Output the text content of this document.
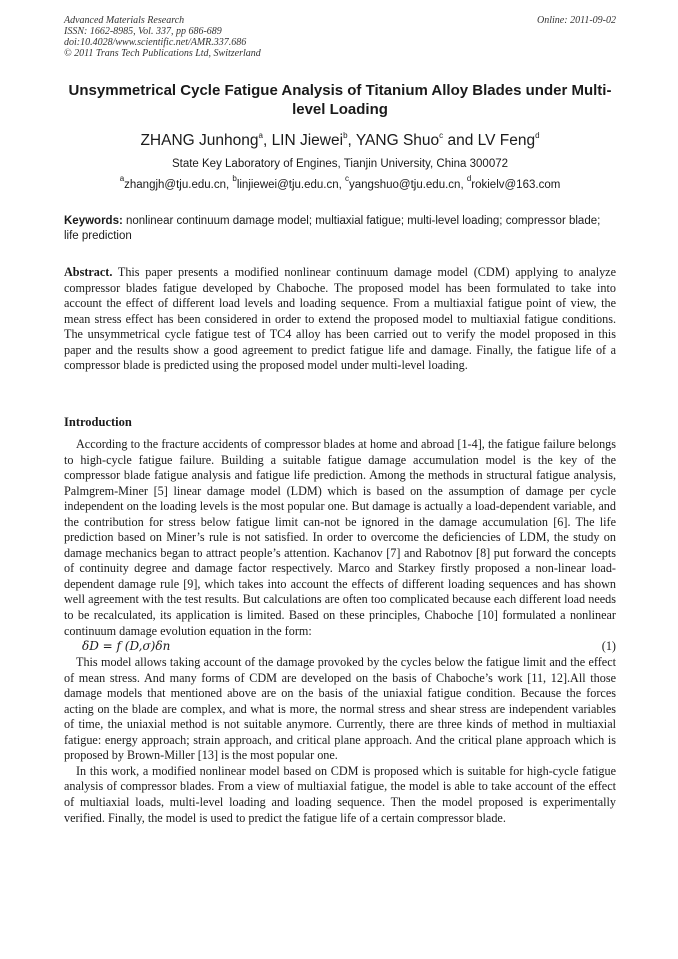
Advanced Materials Research
ISSN: 1662-8985, Vol. 337, pp 686-689
doi:10.4028/www.scientific.net/AMR.337.686
© 2011 Trans Tech Publications Ltd, Switzerland
Online: 2011-09-02
Unsymmetrical Cycle Fatigue Analysis of Titanium Alloy Blades under Multi-level Loading
ZHANG Junhong$^a$, LIN Jiewei$^b$, YANG Shuo$^c$ and LV Feng$^d$
State Key Laboratory of Engines, Tianjin University, China 300072
$^a$zhangjh@tju.edu.cn, $^b$linjiewei@tju.edu.cn, $^c$yangshuo@tju.edu.cn, $^d$rokielv@163.com
Keywords: nonlinear continuum damage model; multiaxial fatigue; multi-level loading; compressor blade; life prediction
Abstract. This paper presents a modified nonlinear continuum damage model (CDM) applying to analyze compressor blades fatigue developed by Chaboche. The proposed model has been formulated to take into account the effect of different load levels and loading sequence. From a multiaxial fatigue point of view, the mean stress effect has been considered in order to extend the proposed model to multiaxial fatigue conditions. The unsymmetrical cycle fatigue test of TC4 alloy has been carried out to verify the model proposed in this paper and the results show a good agreement to predict fatigue life and damage. Finally, the fatigue life of a compressor blade is predicted using the proposed model under multi-level loading.
Introduction

According to the fracture accidents of compressor blades at home and abroad [1-4], the fatigue failure belongs to high-cycle fatigue failure. Building a suitable fatigue damage accumulation model is the key of the compressor blade fatigue analysis and fatigue life prediction. Among the methods in structural fatigue analysis, Palmgrem-Miner [5] linear damage model (LDM) which is based on the assumption of damage per cycle independent on the loading levels is the most popular one. But damage is actually a load-dependent variable, and the contribution for stress below fatigue limit can-not be ignored in the damage accumulation [6]. The life prediction based on Miner’s rule is not satisfied. In order to overcome the deficiencies of LDM, the study on damage mechanics began to attract people’s attention. Kachanov [7] and Rabotnov [8] put forward the concepts of continuity degree and damage factor respectively. Marco and Starkey firstly proposed a non-linear load-dependent damage rule [9], which takes into account the effects of different loading sequences and has shown well agreement with the test results. But calculations are often too complicated because each different load needs to be recalculated, its application is limited. Based on these principles, Chaboche [10] formulated a nonlinear continuum damage evolution equation in the form:

δD = f (D,σ)δn	(1)

This model allows taking account of the damage provoked by the cycles below the fatigue limit and the effect of mean stress. And many forms of CDM are developed on the basis of Chaboche’s work [11, 12].All those damage models that mentioned above are on the basis of the uniaxial fatigue condition. Because the forces acting on the blade are complex, and what is more, the normal stress and shear stress are independent variables of time, the uniaxial method is not suitable anymore. Currently, there are three kinds of method in multiaxial fatigue: energy approach; strain approach, and critical plane approach. And the critical plane approach which is proposed by Brown-Miller [13] is the most popular one.

In this work, a modified nonlinear model based on CDM is proposed which is suitable for high-cycle fatigue analysis of compressor blades. From a view of multiaxial fatigue, the model is able to take account of the effect of multiaxial loads, multi-level loading and loading sequence. Then the model proposed is experimentally verified. Finally, the model is used to predict the fatigue life of a certain compressor blade.
